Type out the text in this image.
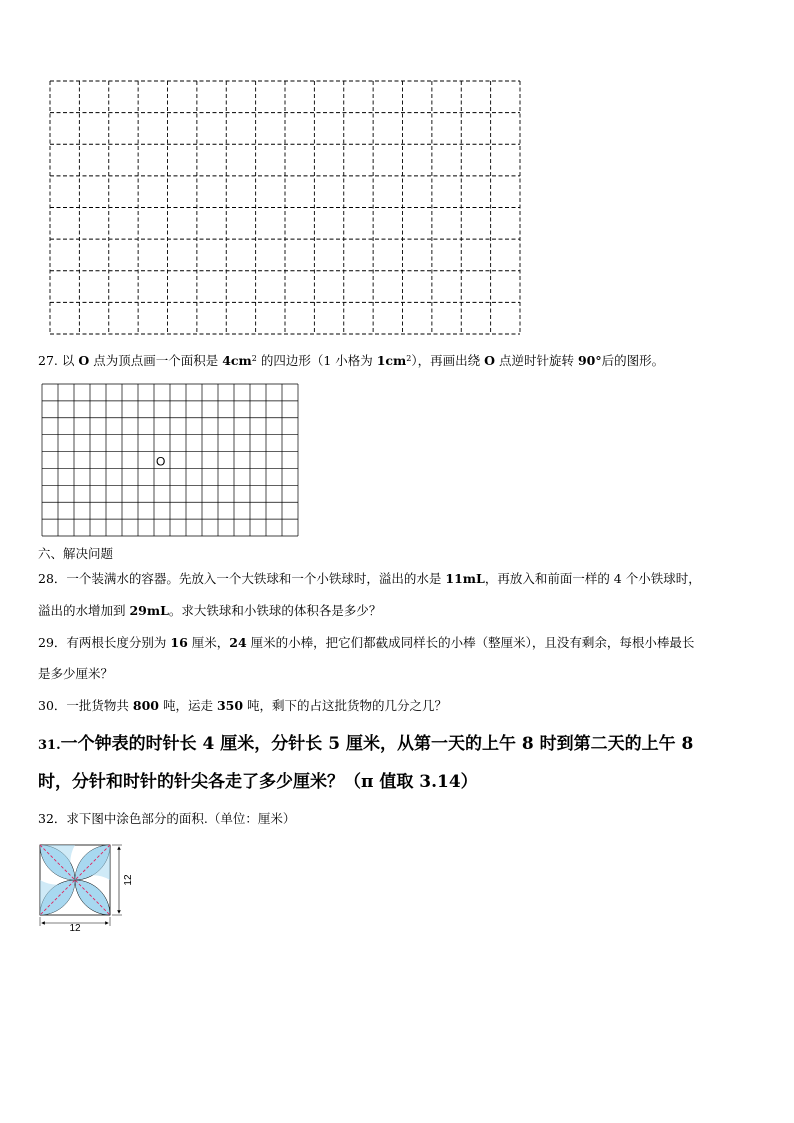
27. 以 O 点为顶点画一个面积是 $4cm^2$ 的四边形（1 小格为 $1cm^2$），再画出绕 O 点逆时针旋转 90°后的图形。
O
六、解决问题
28．一个装满水的容器。先放入一个大铁球和一个小铁球时，溢出的水是 11mL，再放入和前面一样的 4 个小铁球时，
溢出的水增加到 29mL。求大铁球和小铁球的体积各是多少？
29．有两根长度分别为 16 厘米，24 厘米的小棒，把它们都截成同样长的小棒（整厘米），且没有剩余，每根小棒最长
是多少厘米？
30．一批货物共 800 吨，运走 350 吨，剩下的占这批货物的几分之几？
31.一个钟表的时针长 4 厘米，分针长 5 厘米，从第一天的上午 8 时到第二天的上午 8
时，分针和时针的针尖各走了多少厘米？（π 值取 3.14）
32．求下图中涂色部分的面积.（单位：厘米）
12
12
